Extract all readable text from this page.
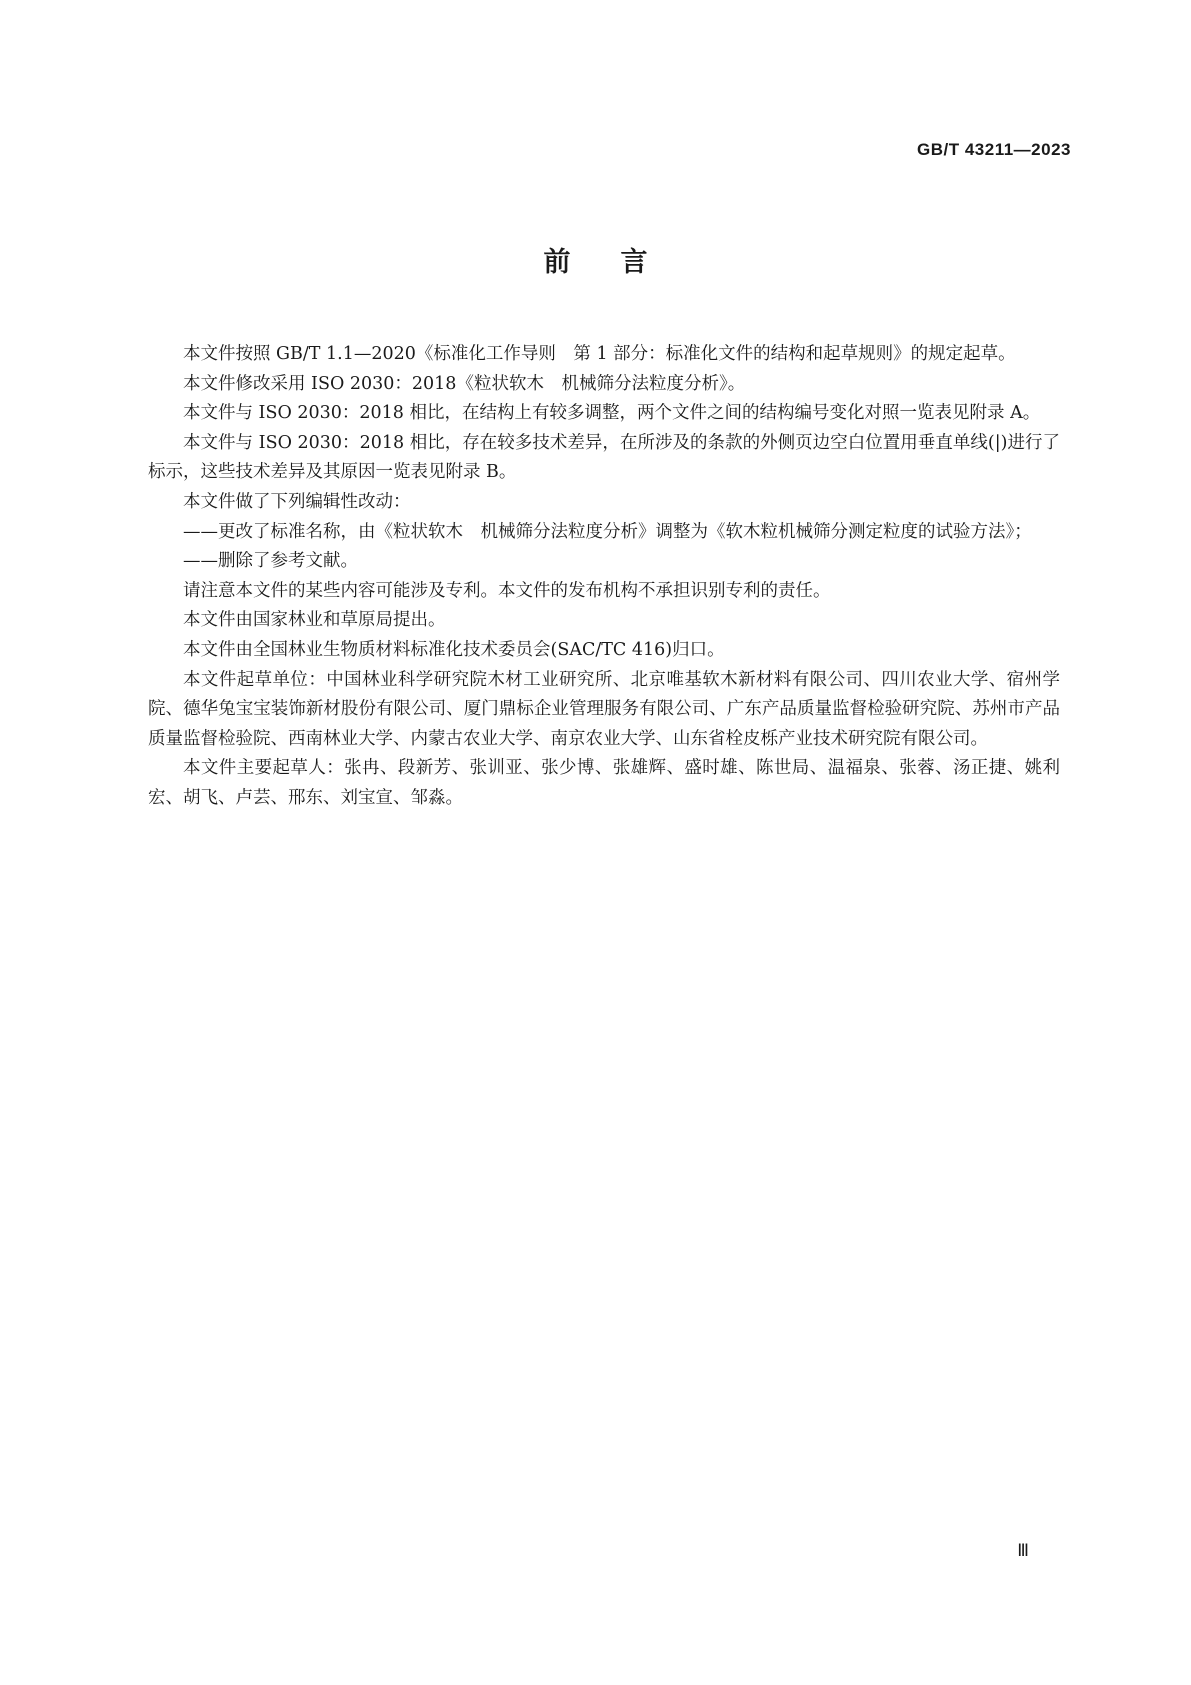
GB/T 43211—2023
前言

本文件按照 GB/T 1.1—2020《标准化工作导则　第 1 部分：标准化文件的结构和起草规则》的规定起草。

本文件修改采用 ISO 2030：2018《粒状软木　机械筛分法粒度分析》。

本文件与 ISO 2030：2018 相比，在结构上有较多调整，两个文件之间的结构编号变化对照一览表见附录 A。

本文件与 ISO 2030：2018 相比，存在较多技术差异，在所涉及的条款的外侧页边空白位置用垂直单线(|)进行了标示，这些技术差异及其原因一览表见附录 B。

本文件做了下列编辑性改动：

——更改了标准名称，由《粒状软木　机械筛分法粒度分析》调整为《软木粒机械筛分测定粒度的试验方法》；
——删除了参考文献。

请注意本文件的某些内容可能涉及专利。本文件的发布机构不承担识别专利的责任。

本文件由国家林业和草原局提出。

本文件由全国林业生物质材料标准化技术委员会(SAC/TC 416)归口。

本文件起草单位：中国林业科学研究院木材工业研究所、北京唯基软木新材料有限公司、四川农业大学、宿州学院、德华兔宝宝装饰新材股份有限公司、厦门鼎标企业管理服务有限公司、广东产品质量监督检验研究院、苏州市产品质量监督检验院、西南林业大学、内蒙古农业大学、南京农业大学、山东省栓皮栎产业技术研究院有限公司。

本文件主要起草人：张冉、段新芳、张训亚、张少博、张雄辉、盛时雄、陈世局、温福泉、张蓉、汤正捷、姚利宏、胡飞、卢芸、邢东、刘宝宣、邹淼。

Ⅲ
